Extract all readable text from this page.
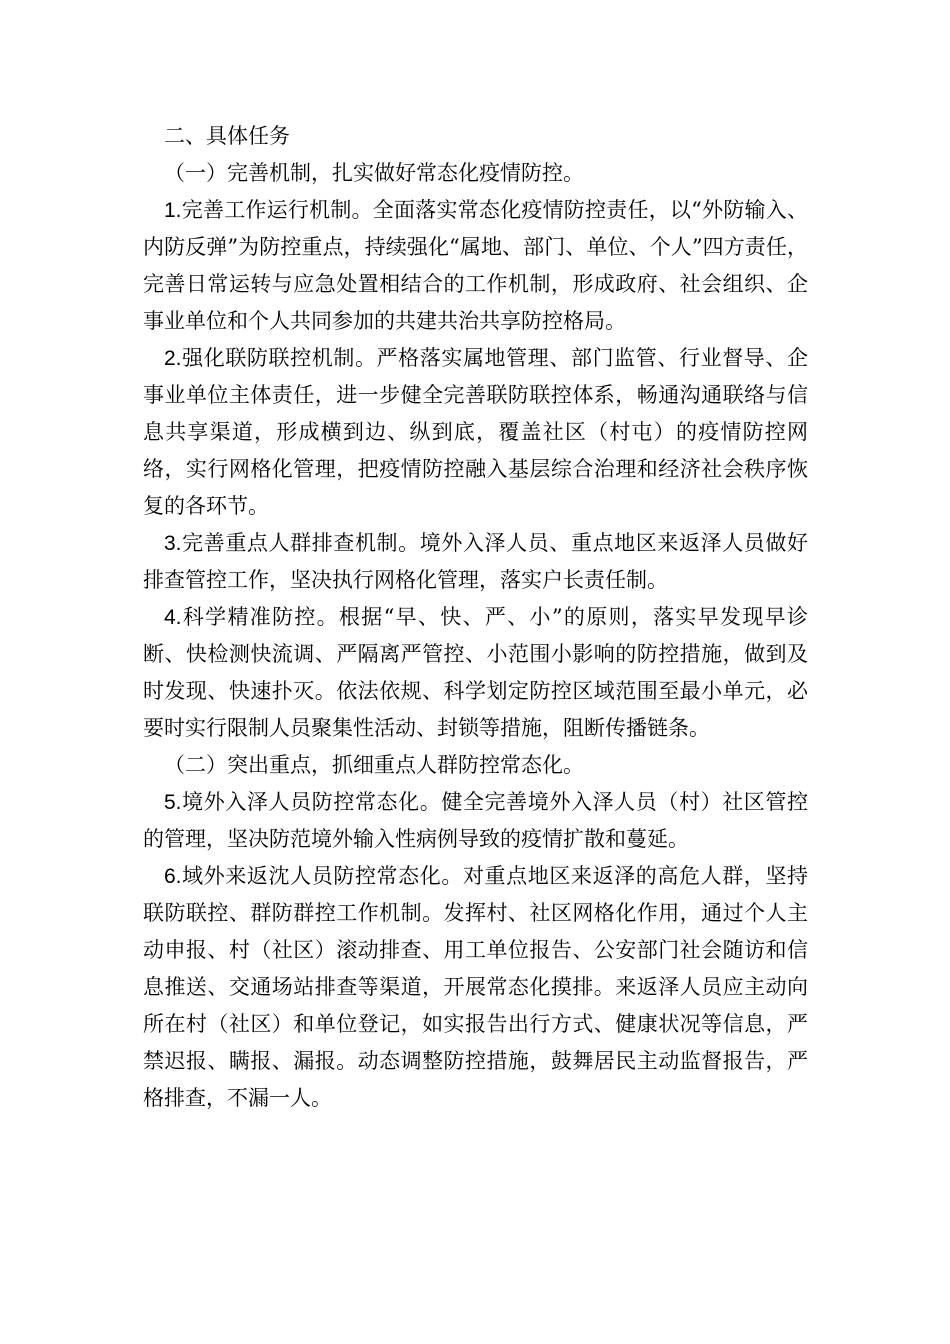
二、具体任务

（一）完善机制，扎实做好常态化疫情防控。

1.完善工作运行机制。全面落实常态化疫情防控责任，以“外防输入、内防反弹”为防控重点，持续强化“属地、部门、单位、个人”四方责任，完善日常运转与应急处置相结合的工作机制，形成政府、社会组织、企事业单位和个人共同参加的共建共治共享防控格局。

2.强化联防联控机制。严格落实属地管理、部门监管、行业督导、企事业单位主体责任，进一步健全完善联防联控体系，畅通沟通联络与信息共享渠道，形成横到边、纵到底，覆盖社区（村屯）的疫情防控网络，实行网格化管理，把疫情防控融入基层综合治理和经济社会秩序恢复的各环节。

3.完善重点人群排查机制。境外入泽人员、重点地区来返泽人员做好排查管控工作，坚决执行网格化管理，落实户长责任制。

4.科学精准防控。根据“早、快、严、小”的原则，落实早发现早诊断、快检测快流调、严隔离严管控、小范围小影响的防控措施，做到及时发现、快速扑灭。依法依规、科学划定防控区域范围至最小单元，必要时实行限制人员聚集性活动、封锁等措施，阻断传播链条。

（二）突出重点，抓细重点人群防控常态化。

5.境外入泽人员防控常态化。健全完善境外入泽人员（村）社区管控的管理，坚决防范境外输入性病例导致的疫情扩散和蔓延。

6.域外来返沈人员防控常态化。对重点地区来返泽的高危人群，坚持联防联控、群防群控工作机制。发挥村、社区网格化作用，通过个人主动申报、村（社区）滚动排查、用工单位报告、公安部门社会随访和信息推送、交通场站排查等渠道，开展常态化摸排。来返泽人员应主动向所在村（社区）和单位登记，如实报告出行方式、健康状况等信息，严禁迟报、瞒报、漏报。动态调整防控措施，鼓舞居民主动监督报告，严格排查，不漏一人。
